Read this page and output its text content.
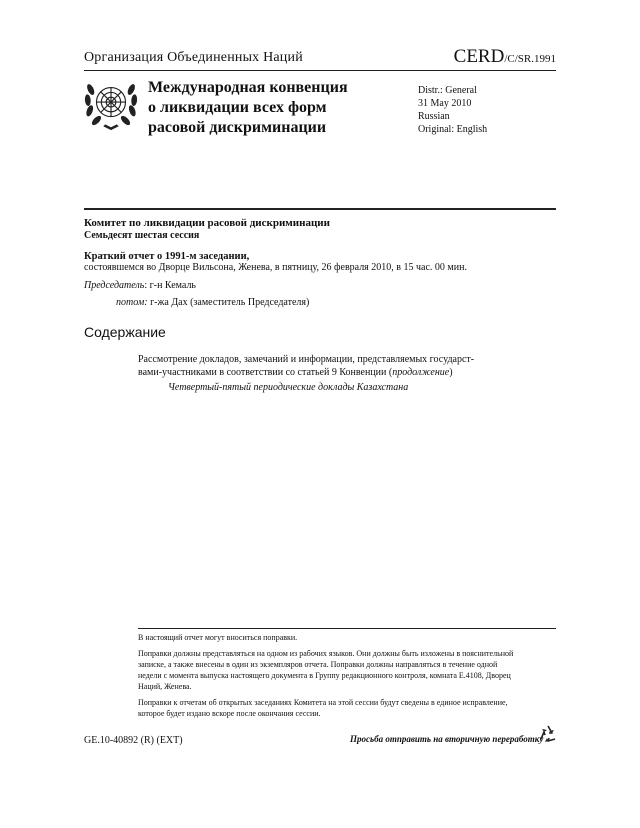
Организация Объединенных Наций	CERD/C/SR.1991
Международная конвенция
о ликвидации всех форм
расовой дискриминации
Distr.: General
31 May 2010
Russian
Original: English
Комитет по ликвидации расовой дискриминации
Семьдесят шестая сессия
Краткий отчет о 1991-м заседании,
состоявшемся во Дворце Вильсона, Женева, в пятницу, 26 февраля 2010, в 15 час. 00 мин.
Председатель: г-н Кемаль
потом: г-жа Дах (заместитель Председателя)
Содержание
Рассмотрение докладов, замечаний и информации, представляемых государст-
вами-участниками в соответствии со статьей 9 Конвенции (продолжение)
Четвертый-пятый периодические доклады Казахстана
В настоящий отчет могут вноситься поправки.
Поправки должны представляться на одном из рабочих языков. Они должны быть изложены в пояснительной записке, а также внесены в один из экземпляров отчета. Поправки должны направляться в течение одной недели с момента выпуска настоящего документа в Группу редакционного контроля, комната E.4108, Дворец Наций, Женева.
Поправки к отчетам об открытых заседаниях Комитета на этой сессии будут сведены в единое исправление, которое будет издано вскоре после окончания сессии.
GE.10-40892 (R) (EXT)	Просьба отправить на вторичную переработку
